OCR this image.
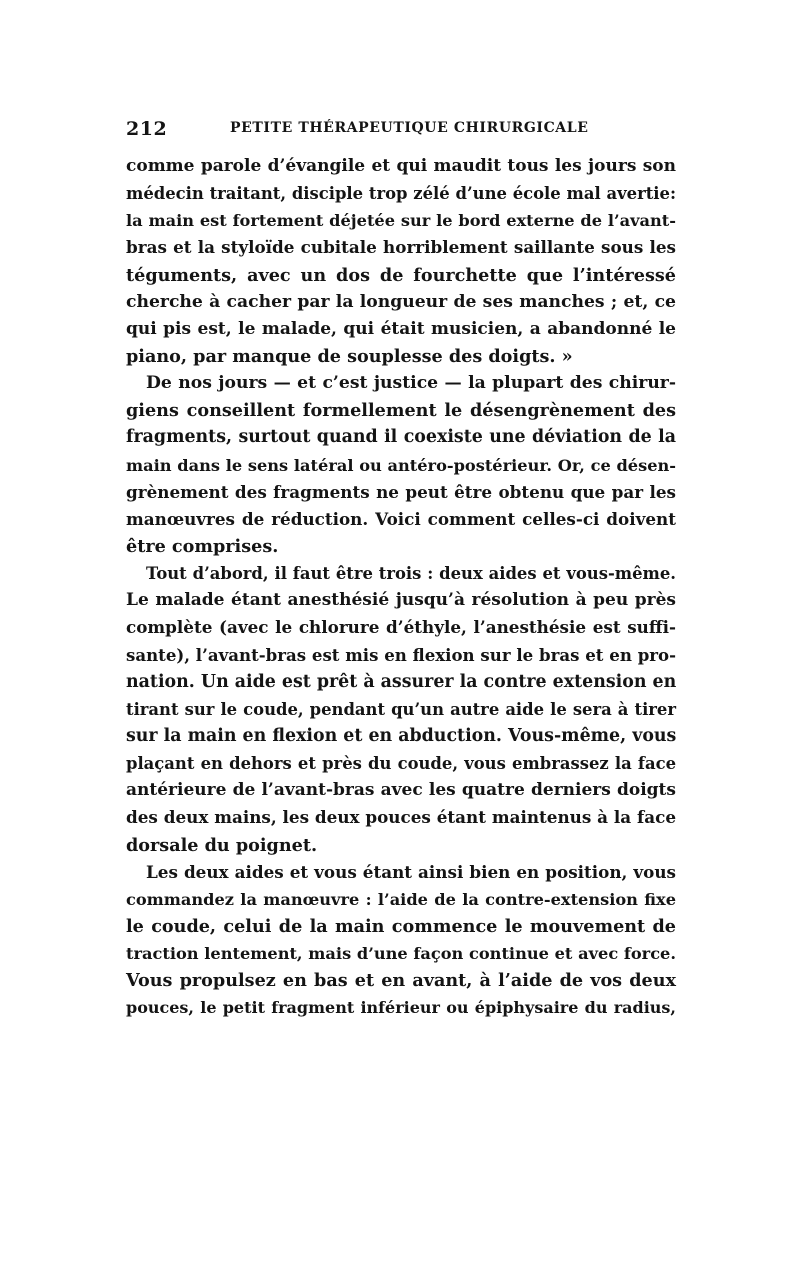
212	PETITE THÉRAPEUTIQUE CHIRURGICALE
comme parole d’évangile et qui maudit tous les jours son
médecin traitant, disciple trop zélé d’une école mal avertie:
la main est fortement déjetée sur le bord externe de l’avant-
bras et la styloïde cubitale horriblement saillante sous les
téguments, avec un dos de fourchette que l’intéressé
cherche à cacher par la longueur de ses manches ; et, ce
qui pis est, le malade, qui était musicien, a abandonné le
piano, par manque de souplesse des doigts. »
De nos jours — et c’est justice — la plupart des chirur-
giens conseillent formellement le désengrènement des
fragments, surtout quand il coexiste une déviation de la
main dans le sens latéral ou antéro-postérieur. Or, ce désen-
grènement des fragments ne peut être obtenu que par les
manœuvres de réduction. Voici comment celles-ci doivent
être comprises.
Tout d’abord, il faut être trois : deux aides et vous-même.
Le malade étant anesthésié jusqu’à résolution à peu près
complète (avec le chlorure d’éthyle, l’anesthésie est suffi-
sante), l’avant-bras est mis en flexion sur le bras et en pro-
nation. Un aide est prêt à assurer la contre extension en
tirant sur le coude, pendant qu’un autre aide le sera à tirer
sur la main en flexion et en abduction. Vous-même, vous
plaçant en dehors et près du coude, vous embrassez la face
antérieure de l’avant-bras avec les quatre derniers doigts
des deux mains, les deux pouces étant maintenus à la face
dorsale du poignet.
Les deux aides et vous étant ainsi bien en position, vous
commandez la manœuvre : l’aide de la contre-extension fixe
le coude, celui de la main commence le mouvement de
traction lentement, mais d’une façon continue et avec force.
Vous propulsez en bas et en avant, à l’aide de vos deux
pouces, le petit fragment inférieur ou épiphysaire du radius,
